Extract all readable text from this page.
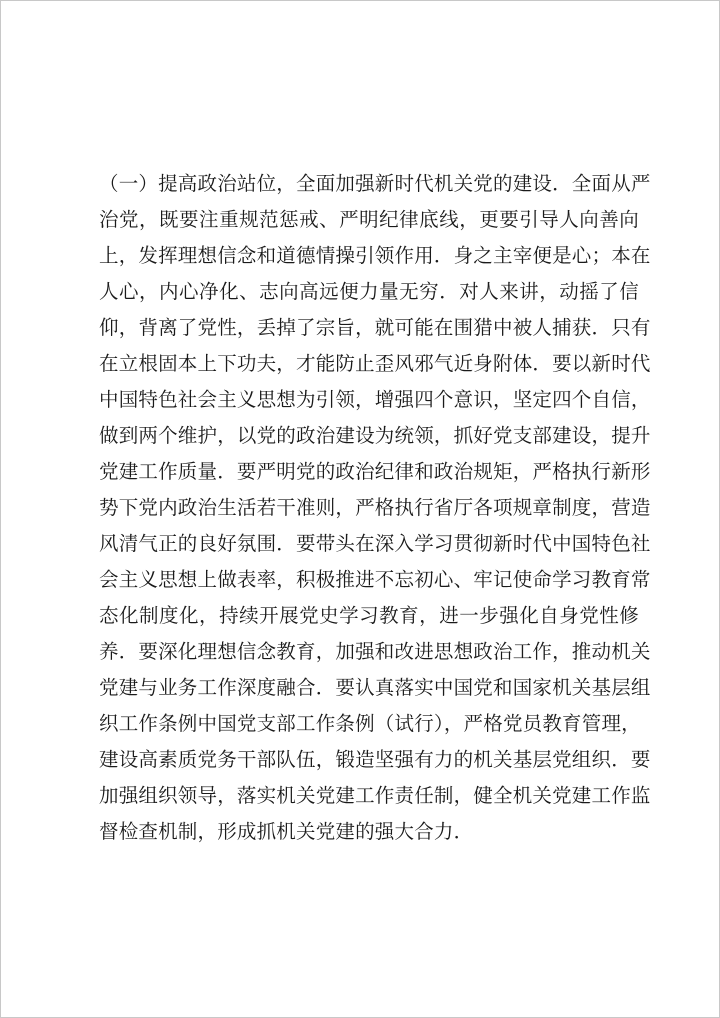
（一）提高政治站位，全面加强新时代机关党的建设．全面从严
治党，既要注重规范惩戒、严明纪律底线，更要引导人向善向
上，发挥理想信念和道德情操引领作用．身之主宰便是心；本在
人心，内心净化、志向高远便力量无穷．对人来讲，动摇了信
仰，背离了党性，丢掉了宗旨，就可能在围猎中被人捕获．只有
在立根固本上下功夫，才能防止歪风邪气近身附体．要以新时代
中国特色社会主义思想为引领，增强四个意识，坚定四个自信，
做到两个维护，以党的政治建设为统领，抓好党支部建设，提升
党建工作质量．要严明党的政治纪律和政治规矩，严格执行新形
势下党内政治生活若干准则，严格执行省厅各项规章制度，营造
风清气正的良好氛围．要带头在深入学习贯彻新时代中国特色社
会主义思想上做表率，积极推进不忘初心、牢记使命学习教育常
态化制度化，持续开展党史学习教育，进一步强化自身党性修
养．要深化理想信念教育，加强和改进思想政治工作，推动机关
党建与业务工作深度融合．要认真落实中国党和国家机关基层组
织工作条例中国党支部工作条例（试行），严格党员教育管理，
建设高素质党务干部队伍，锻造坚强有力的机关基层党组织．要
加强组织领导，落实机关党建工作责任制，健全机关党建工作监
督检查机制，形成抓机关党建的强大合力．
